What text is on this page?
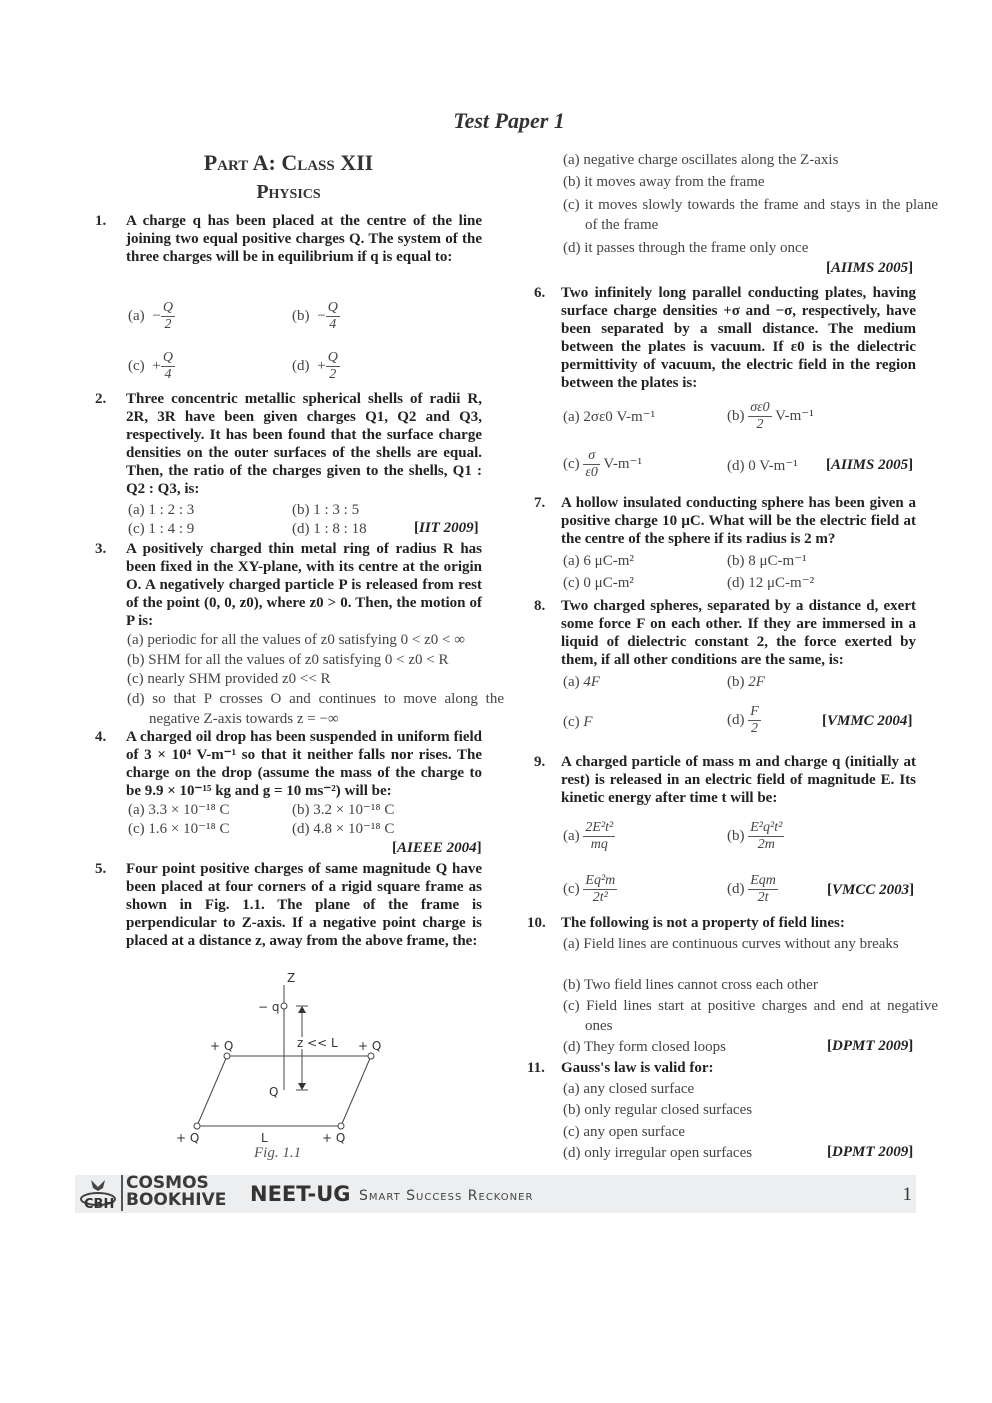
Test Paper 1
Part A: Class XII
Physics
1.	A charge q has been placed at the centre of the line joining two equal positive charges Q. The system of the three charges will be in equilibrium if q is equal to:
$(a) - \frac{Q}{2}$	$(b) - \frac{Q}{4}$
$(c) + \frac{Q}{4}$	$(d) + \frac{Q}{2}$
2.	Three concentric metallic spherical shells of radii R, 2R, 3R have been given charges Q1, Q2 and Q3, respectively. It has been found that the surface charge densities on the outer surfaces of the shells are equal. Then, the ratio of the charges given to the shells, Q1 : Q2 : Q3, is:
(a) 1 : 2 : 3	(b) 1 : 3 : 5
(c) 1 : 4 : 9	(d) 1 : 8 : 18	[IIT 2009]
3.	A positively charged thin metal ring of radius R has been fixed in the XY-plane, with its centre at the origin O. A negatively charged particle P is released from rest of the point (0, 0, z0), where z0 > 0. Then, the motion of P is:
(a) periodic for all the values of z0 satisfying 0 < z0 < ∞
(b) SHM for all the values of z0 satisfying 0 < z0 < R
(c) nearly SHM provided z0 << R
(d) so that P crosses O and continues to move along the negative Z-axis towards z = −∞
4.	A charged oil drop has been suspended in uniform field of 3 × 10⁴ V-m⁻¹ so that it neither falls nor rises. The charge on the drop (assume the mass of the charge to be 9.9 × 10⁻¹⁵ kg and g = 10 ms⁻²) will be:
(a) 3.3 × 10⁻¹⁸ C	(b) 3.2 × 10⁻¹⁸ C
(c) 1.6 × 10⁻¹⁸ C	(d) 4.8 × 10⁻¹⁸ C
[AIEEE 2004]
5.	Four point positive charges of same magnitude Q have been placed at four corners of a rigid square frame as shown in Fig. 1.1. The plane of the frame is perpendicular to Z-axis. If a negative point charge is placed at a distance z, away from the above frame, the:
Z
− q
z << L
+ Q	+ Q
Q
+ Q	+ Q
L
Fig. 1.1
(a) negative charge oscillates along the Z-axis
(b) it moves away from the frame
(c) it moves slowly towards the frame and stays in the plane of the frame
(d) it passes through the frame only once
[AIIMS 2005]
6.	Two infinitely long parallel conducting plates, having surface charge densities +σ and −σ, respectively, have been separated by a small distance. The medium between the plates is vacuum. If ε0 is the dielectric permittivity of vacuum, the electric field in the region between the plates is:
(a) 2σε0 V-m⁻¹	$(b) \frac{\sigma\varepsilon 0}{2} V-m^{-1}$
$(c) \frac{\sigma}{\varepsilon 0} V-m^{-1}$	(d) 0 V-m⁻¹ [AIIMS 2005]
7.	A hollow insulated conducting sphere has been given a positive charge 10 μC. What will be the electric field at the centre of the sphere if its radius is 2 m?
(a) 6 μC-m²	(b) 8 μC-m⁻¹
(c) 0 μC-m²	(d) 12 μC-m⁻²
8.	Two charged spheres, separated by a distance d, exert some force F on each other. If they are immersed in a liquid of dielectric constant 2, the force exerted by them, if all other conditions are the same, is:
(a) 4F	(b) 2F
(c) F	$(d) \frac{F}{2}$	[VMMC 2004]
9.	A charged particle of mass m and charge q (initially at rest) is released in an electric field of magnitude E. Its kinetic energy after time t will be:
$(a) \frac{\text{2E²t²}}{mq}$	$(b) \frac{\text{E²q²t²}}{2m}$
$(c) \frac{\text{Eq²m}}{\text{2t²}}$	$(d) \frac{\text{Eqm}}{2t}$	[VMCC 2003]
10.	The following is not a property of field lines:
(a) Field lines are continuous curves without any breaks
(b) Two field lines cannot cross each other
(c) Field lines start at positive charges and end at negative ones
(d) They form closed loops	[DPMT 2009]
11.	Gauss's law is valid for:
(a) any closed surface
(b) only regular closed surfaces
(c) any open surface
(d) only irregular open surfaces	[DPMT 2009]
CBH
COSMOS
BOOKHIVE NEET-UG Smart Success Reckoner	1
